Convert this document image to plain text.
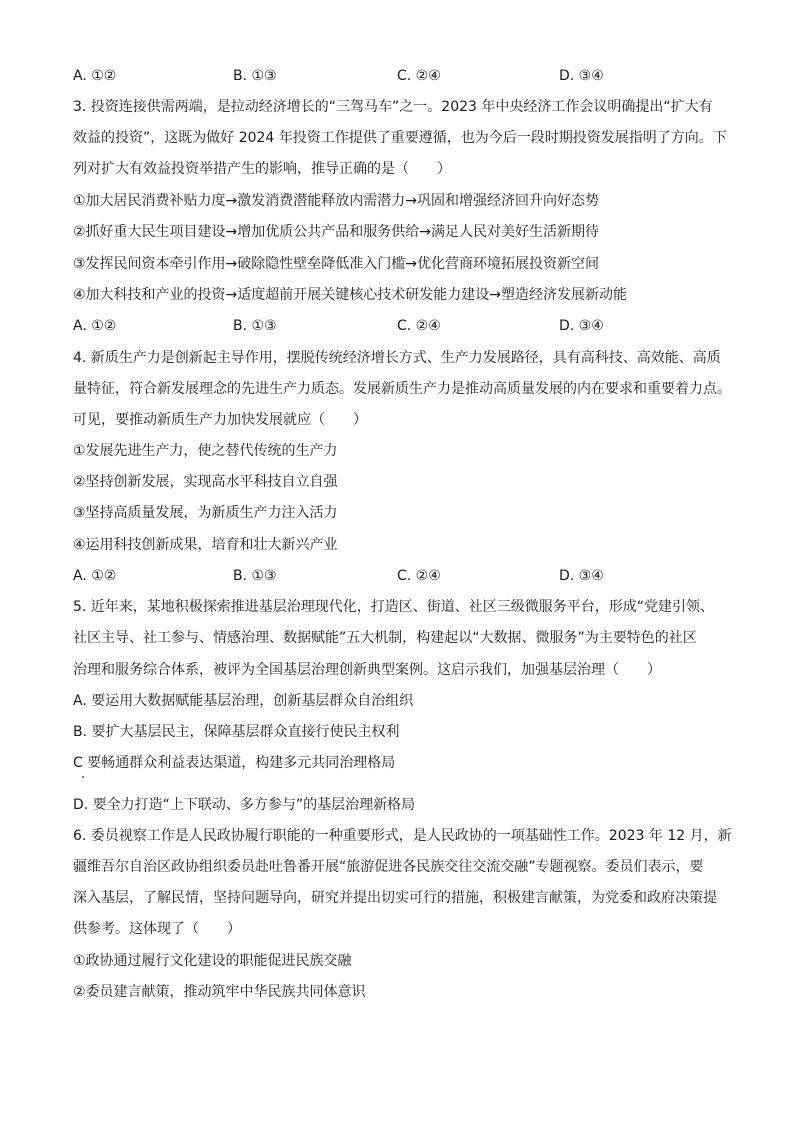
A. ①②	B. ①③	C. ②④	D. ③④
3. 投资连接供需两端，是拉动经济增长的“三驾马车”之一。2023 年中央经济工作会议明确提出“扩大有
效益的投资”，这既为做好 2024 年投资工作提供了重要遵循，也为今后一段时期投资发展指明了方向。下
列对扩大有效益投资举措产生的影响，推导正确的是（　　）
①加大居民消费补贴力度→激发消费潜能释放内需潜力→巩固和增强经济回升向好态势
②抓好重大民生项目建设→增加优质公共产品和服务供给→满足人民对美好生活新期待
③发挥民间资本牵引作用→破除隐性壁垒降低准入门槛→优化营商环境拓展投资新空间
④加大科技和产业的投资→适度超前开展关键核心技术研发能力建设→塑造经济发展新动能
A. ①②	B. ①③	C. ②④	D. ③④
4. 新质生产力是创新起主导作用，摆脱传统经济增长方式、生产力发展路径，具有高科技、高效能、高质
量特征，符合新发展理念的先进生产力质态。发展新质生产力是推动高质量发展的内在要求和重要着力点。
可见，要推动新质生产力加快发展就应（　　）
①发展先进生产力，使之替代传统的生产力
②坚持创新发展，实现高水平科技自立自强
③坚持高质量发展，为新质生产力注入活力
④运用科技创新成果，培育和壮大新兴产业
A. ①②	B. ①③	C. ②④	D. ③④
5. 近年来，某地积极探索推进基层治理现代化，打造区、街道、社区三级微服务平台，形成“党建引领、
社区主导、社工参与、情感治理、数据赋能”五大机制，构建起以“大数据、微服务”为主要特色的社区
治理和服务综合体系，被评为全国基层治理创新典型案例。这启示我们，加强基层治理（　　）
A. 要运用大数据赋能基层治理，创新基层群众自治组织
B. 要扩大基层民主，保障基层群众直接行使民主权利
C 要畅通群众利益表达渠道，构建多元共同治理格局
D. 要全力打造“上下联动、多方参与”的基层治理新格局
6. 委员视察工作是人民政协履行职能的一种重要形式，是人民政协的一项基础性工作。2023 年 12 月，新
疆维吾尔自治区政协组织委员赴吐鲁番开展“旅游促进各民族交往交流交融”专题视察。委员们表示，要
深入基层，了解民情，坚持问题导向，研究并提出切实可行的措施，积极建言献策，为党委和政府决策提
供参考。这体现了（　　）
①政协通过履行文化建设的职能促进民族交融
②委员建言献策，推动筑牢中华民族共同体意识
